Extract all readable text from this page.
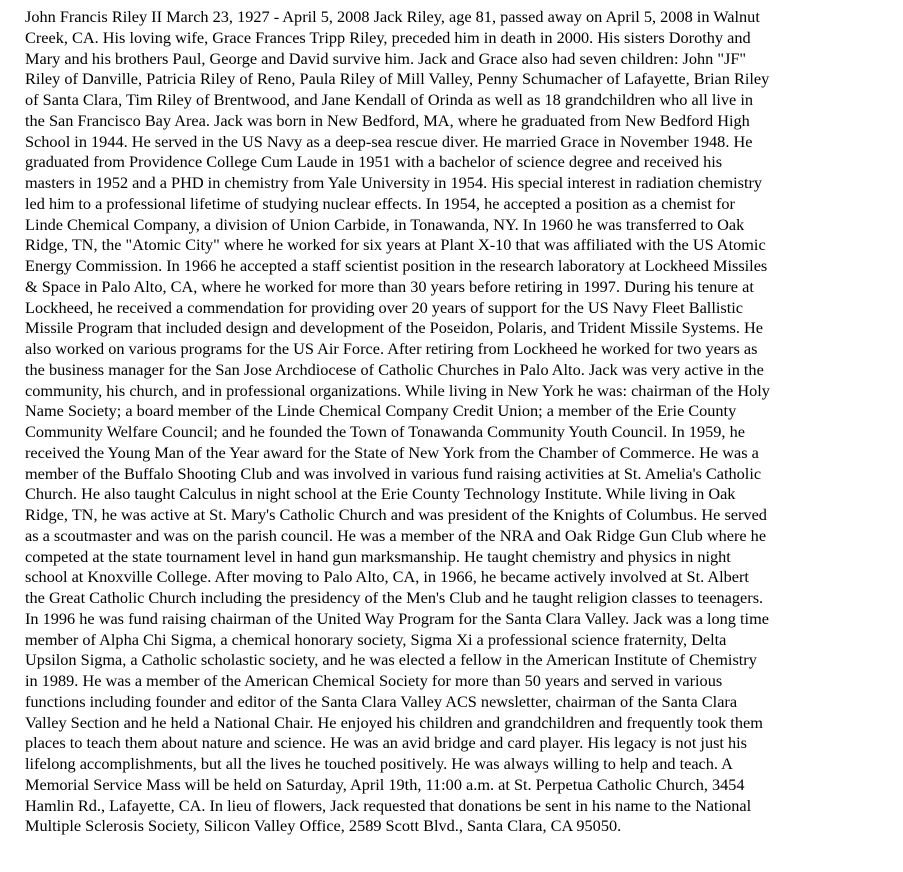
John Francis Riley II March 23, 1927 - April 5, 2008 Jack Riley, age 81, passed away on April 5, 2008 in Walnut
Creek, CA. His loving wife, Grace Frances Tripp Riley, preceded him in death in 2000. His sisters Dorothy and
Mary and his brothers Paul, George and David survive him. Jack and Grace also had seven children: John "JF"
Riley of Danville, Patricia Riley of Reno, Paula Riley of Mill Valley, Penny Schumacher of Lafayette, Brian Riley
of Santa Clara, Tim Riley of Brentwood, and Jane Kendall of Orinda as well as 18 grandchildren who all live in
the San Francisco Bay Area. Jack was born in New Bedford, MA, where he graduated from New Bedford High
School in 1944. He served in the US Navy as a deep-sea rescue diver. He married Grace in November 1948. He
graduated from Providence College Cum Laude in 1951 with a bachelor of science degree and received his
masters in 1952 and a PHD in chemistry from Yale University in 1954. His special interest in radiation chemistry
led him to a professional lifetime of studying nuclear effects. In 1954, he accepted a position as a chemist for
Linde Chemical Company, a division of Union Carbide, in Tonawanda, NY. In 1960 he was transferred to Oak
Ridge, TN, the "Atomic City" where he worked for six years at Plant X-10 that was affiliated with the US Atomic
Energy Commission. In 1966 he accepted a staff scientist position in the research laboratory at Lockheed Missiles
& Space in Palo Alto, CA, where he worked for more than 30 years before retiring in 1997. During his tenure at
Lockheed, he received a commendation for providing over 20 years of support for the US Navy Fleet Ballistic
Missile Program that included design and development of the Poseidon, Polaris, and Trident Missile Systems. He
also worked on various programs for the US Air Force. After retiring from Lockheed he worked for two years as
the business manager for the San Jose Archdiocese of Catholic Churches in Palo Alto. Jack was very active in the
community, his church, and in professional organizations. While living in New York he was: chairman of the Holy
Name Society; a board member of the Linde Chemical Company Credit Union; a member of the Erie County
Community Welfare Council; and he founded the Town of Tonawanda Community Youth Council. In 1959, he
received the Young Man of the Year award for the State of New York from the Chamber of Commerce. He was a
member of the Buffalo Shooting Club and was involved in various fund raising activities at St. Amelia's Catholic
Church. He also taught Calculus in night school at the Erie County Technology Institute. While living in Oak
Ridge, TN, he was active at St. Mary's Catholic Church and was president of the Knights of Columbus. He served
as a scoutmaster and was on the parish council. He was a member of the NRA and Oak Ridge Gun Club where he
competed at the state tournament level in hand gun marksmanship. He taught chemistry and physics in night
school at Knoxville College. After moving to Palo Alto, CA, in 1966, he became actively involved at St. Albert
the Great Catholic Church including the presidency of the Men's Club and he taught religion classes to teenagers.
In 1996 he was fund raising chairman of the United Way Program for the Santa Clara Valley. Jack was a long time
member of Alpha Chi Sigma, a chemical honorary society, Sigma Xi a professional science fraternity, Delta
Upsilon Sigma, a Catholic scholastic society, and he was elected a fellow in the American Institute of Chemistry
in 1989. He was a member of the American Chemical Society for more than 50 years and served in various
functions including founder and editor of the Santa Clara Valley ACS newsletter, chairman of the Santa Clara
Valley Section and he held a National Chair. He enjoyed his children and grandchildren and frequently took them
places to teach them about nature and science. He was an avid bridge and card player. His legacy is not just his
lifelong accomplishments, but all the lives he touched positively. He was always willing to help and teach. A
Memorial Service Mass will be held on Saturday, April 19th, 11:00 a.m. at St. Perpetua Catholic Church, 3454
Hamlin Rd., Lafayette, CA. In lieu of flowers, Jack requested that donations be sent in his name to the National
Multiple Sclerosis Society, Silicon Valley Office, 2589 Scott Blvd., Santa Clara, CA 95050.
